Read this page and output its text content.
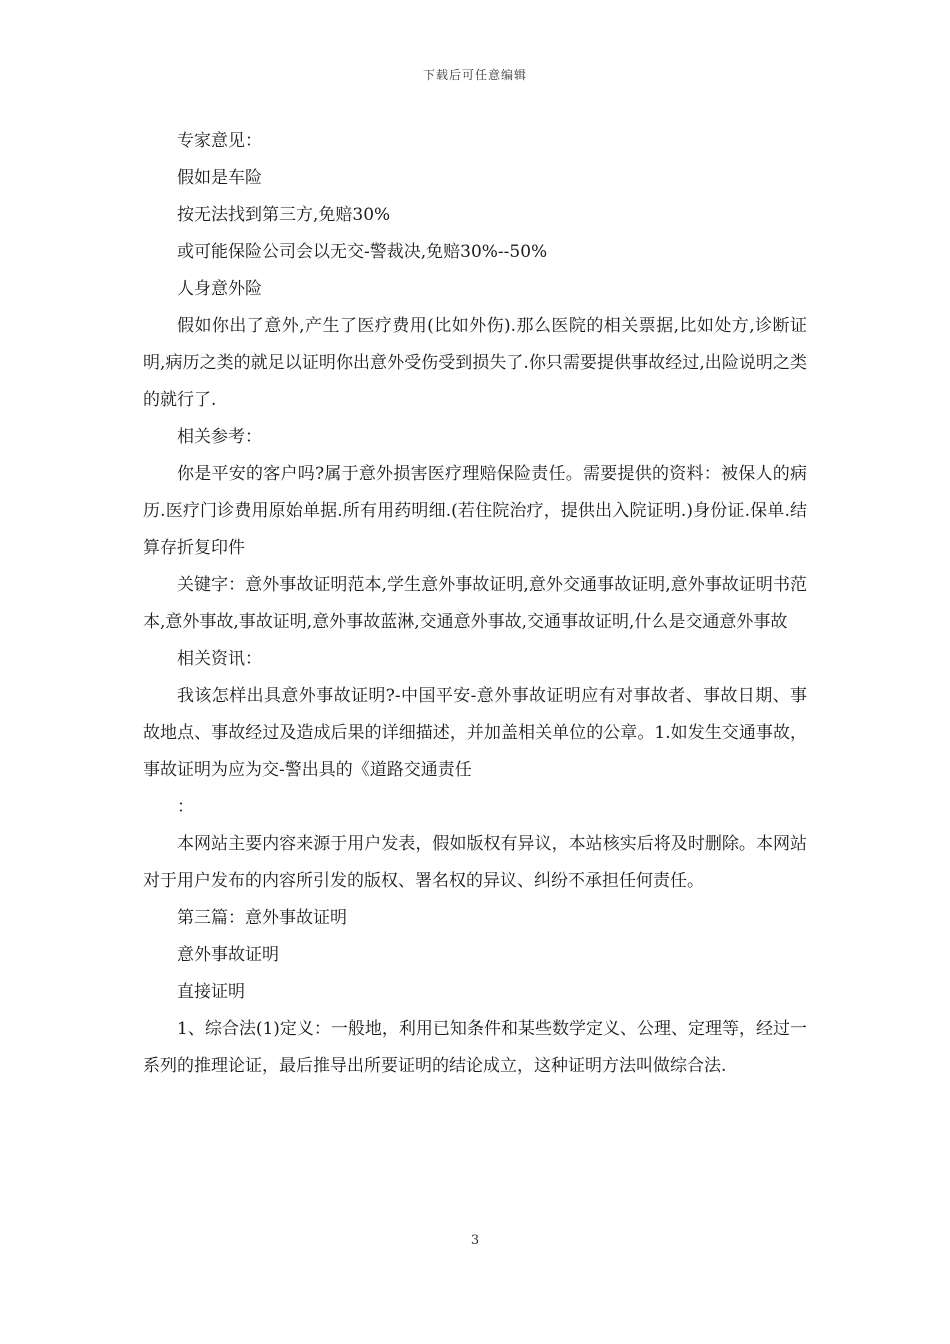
下载后可任意编辑

专家意见：

假如是车险

按无法找到第三方,免赔30%

或可能保险公司会以无交-警裁决,免赔30%--50%

人身意外险

假如你出了意外,产生了医疗费用(比如外伤).那么医院的相关票据,比如处方,诊断证明,病历之类的就足以证明你出意外受伤受到损失了.你只需要提供事故经过,出险说明之类的就行了.

相关参考：

你是平安的客户吗?属于意外损害医疗理赔保险责任。需要提供的资料：被保人的病历.医疗门诊费用原始单据.所有用药明细.(若住院治疗，提供出入院证明.)身份证.保单.结算存折复印件

关键字：意外事故证明范本,学生意外事故证明,意外交通事故证明,意外事故证明书范本,意外事故,事故证明,意外事故蓝淋,交通意外事故,交通事故证明,什么是交通意外事故

相关资讯：

我该怎样出具意外事故证明?-中国平安-意外事故证明应有对事故者、事故日期、事故地点、事故经过及造成后果的详细描述，并加盖相关单位的公章。1.如发生交通事故，事故证明为应为交-警出具的《道路交通责任

：

本网站主要内容来源于用户发表，假如版权有异议，本站核实后将及时删除。本网站对于用户发布的内容所引发的版权、署名权的异议、纠纷不承担任何责任。

第三篇：意外事故证明

意外事故证明

直接证明

1、综合法(1)定义：一般地，利用已知条件和某些数学定义、公理、定理等，经过一系列的推理论证，最后推导出所要证明的结论成立，这种证明方法叫做综合法.

3
